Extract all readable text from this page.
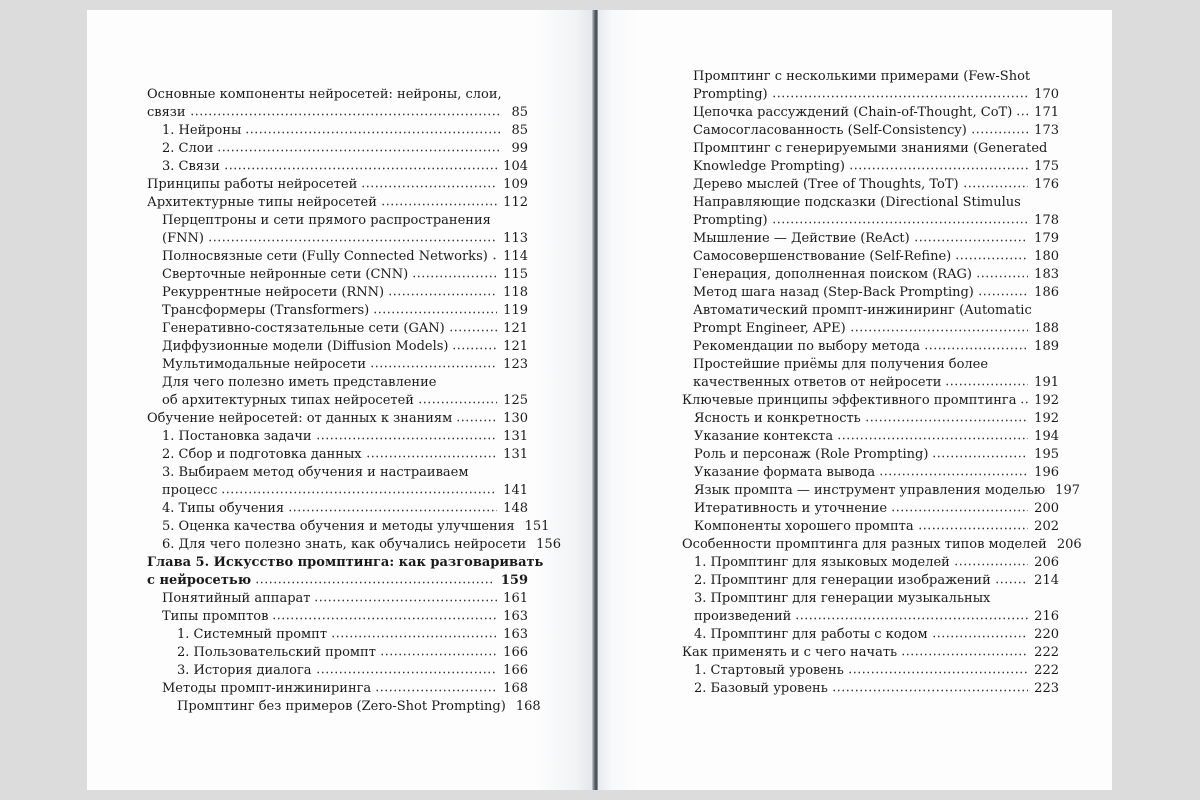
Основные компоненты нейросетей: нейроны, слои,
связи	85
1. Нейроны	85
2. Слои	99
3. Связи	104
Принципы работы нейросетей	109
Архитектурные типы нейросетей	112
Перцептроны и сети прямого распространения
(FNN)	113
Полносвязные сети (Fully Connected Networks)	114
Сверточные нейронные сети (CNN)	115
Рекуррентные нейросети (RNN)	118
Трансформеры (Transformers)	119
Генеративно-состязательные сети (GAN)	121
Диффузионные модели (Diffusion Models)	121
Мультимодальные нейросети	123
Для чего полезно иметь представление
об архитектурных типах нейросетей	125
Обучение нейросетей: от данных к знаниям	130
1. Постановка задачи	131
2. Сбор и подготовка данных	131
3. Выбираем метод обучения и настраиваем
процесс	141
4. Типы обучения	148
5. Оценка качества обучения и методы улучшения 151
6. Для чего полезно знать, как обучались нейросети 156
Глава 5. Искусство промптинга: как разговаривать
с нейросетью	159
Понятийный аппарат	161
Типы промптов	163
1. Системный промпт	163
2. Пользовательский промпт	166
3. История диалога	166
Методы промпт-инжиниринга	168
Промптинг без примеров (Zero-Shot Prompting) 168
Промптинг с несколькими примерами (Few-Shot
Prompting)	170
Цепочка рассуждений (Chain-of-Thought, CoT)	171
Самосогласованность (Self-Consistency)	173
Промптинг с генерируемыми знаниями (Generated
Knowledge Prompting)	175
Дерево мыслей (Tree of Thoughts, ToT)	176
Направляющие подсказки (Directional Stimulus
Prompting)	178
Мышление — Действие (ReAct)	179
Самосовершенствование (Self-Refine)	180
Генерация, дополненная поиском (RAG)	183
Метод шага назад (Step-Back Prompting)	186
Автоматический промпт-инжиниринг (Automatic
Prompt Engineer, APE)	188
Рекомендации по выбору метода	189
Простейшие приёмы для получения более
качественных ответов от нейросети	191
Ключевые принципы эффективного промптинга	192
Ясность и конкретность	192
Указание контекста	194
Роль и персонаж (Role Prompting)	195
Указание формата вывода	196
Язык промпта — инструмент управления моделью 197
Итеративность и уточнение	200
Компоненты хорошего промпта	202
Особенности промптинга для разных типов моделей 206
1. Промптинг для языковых моделей	206
2. Промптинг для генерации изображений	214
3. Промптинг для генерации музыкальных
произведений	216
4. Промптинг для работы с кодом	220
Как применять и с чего начать	222
1. Стартовый уровень	222
2. Базовый уровень	223
